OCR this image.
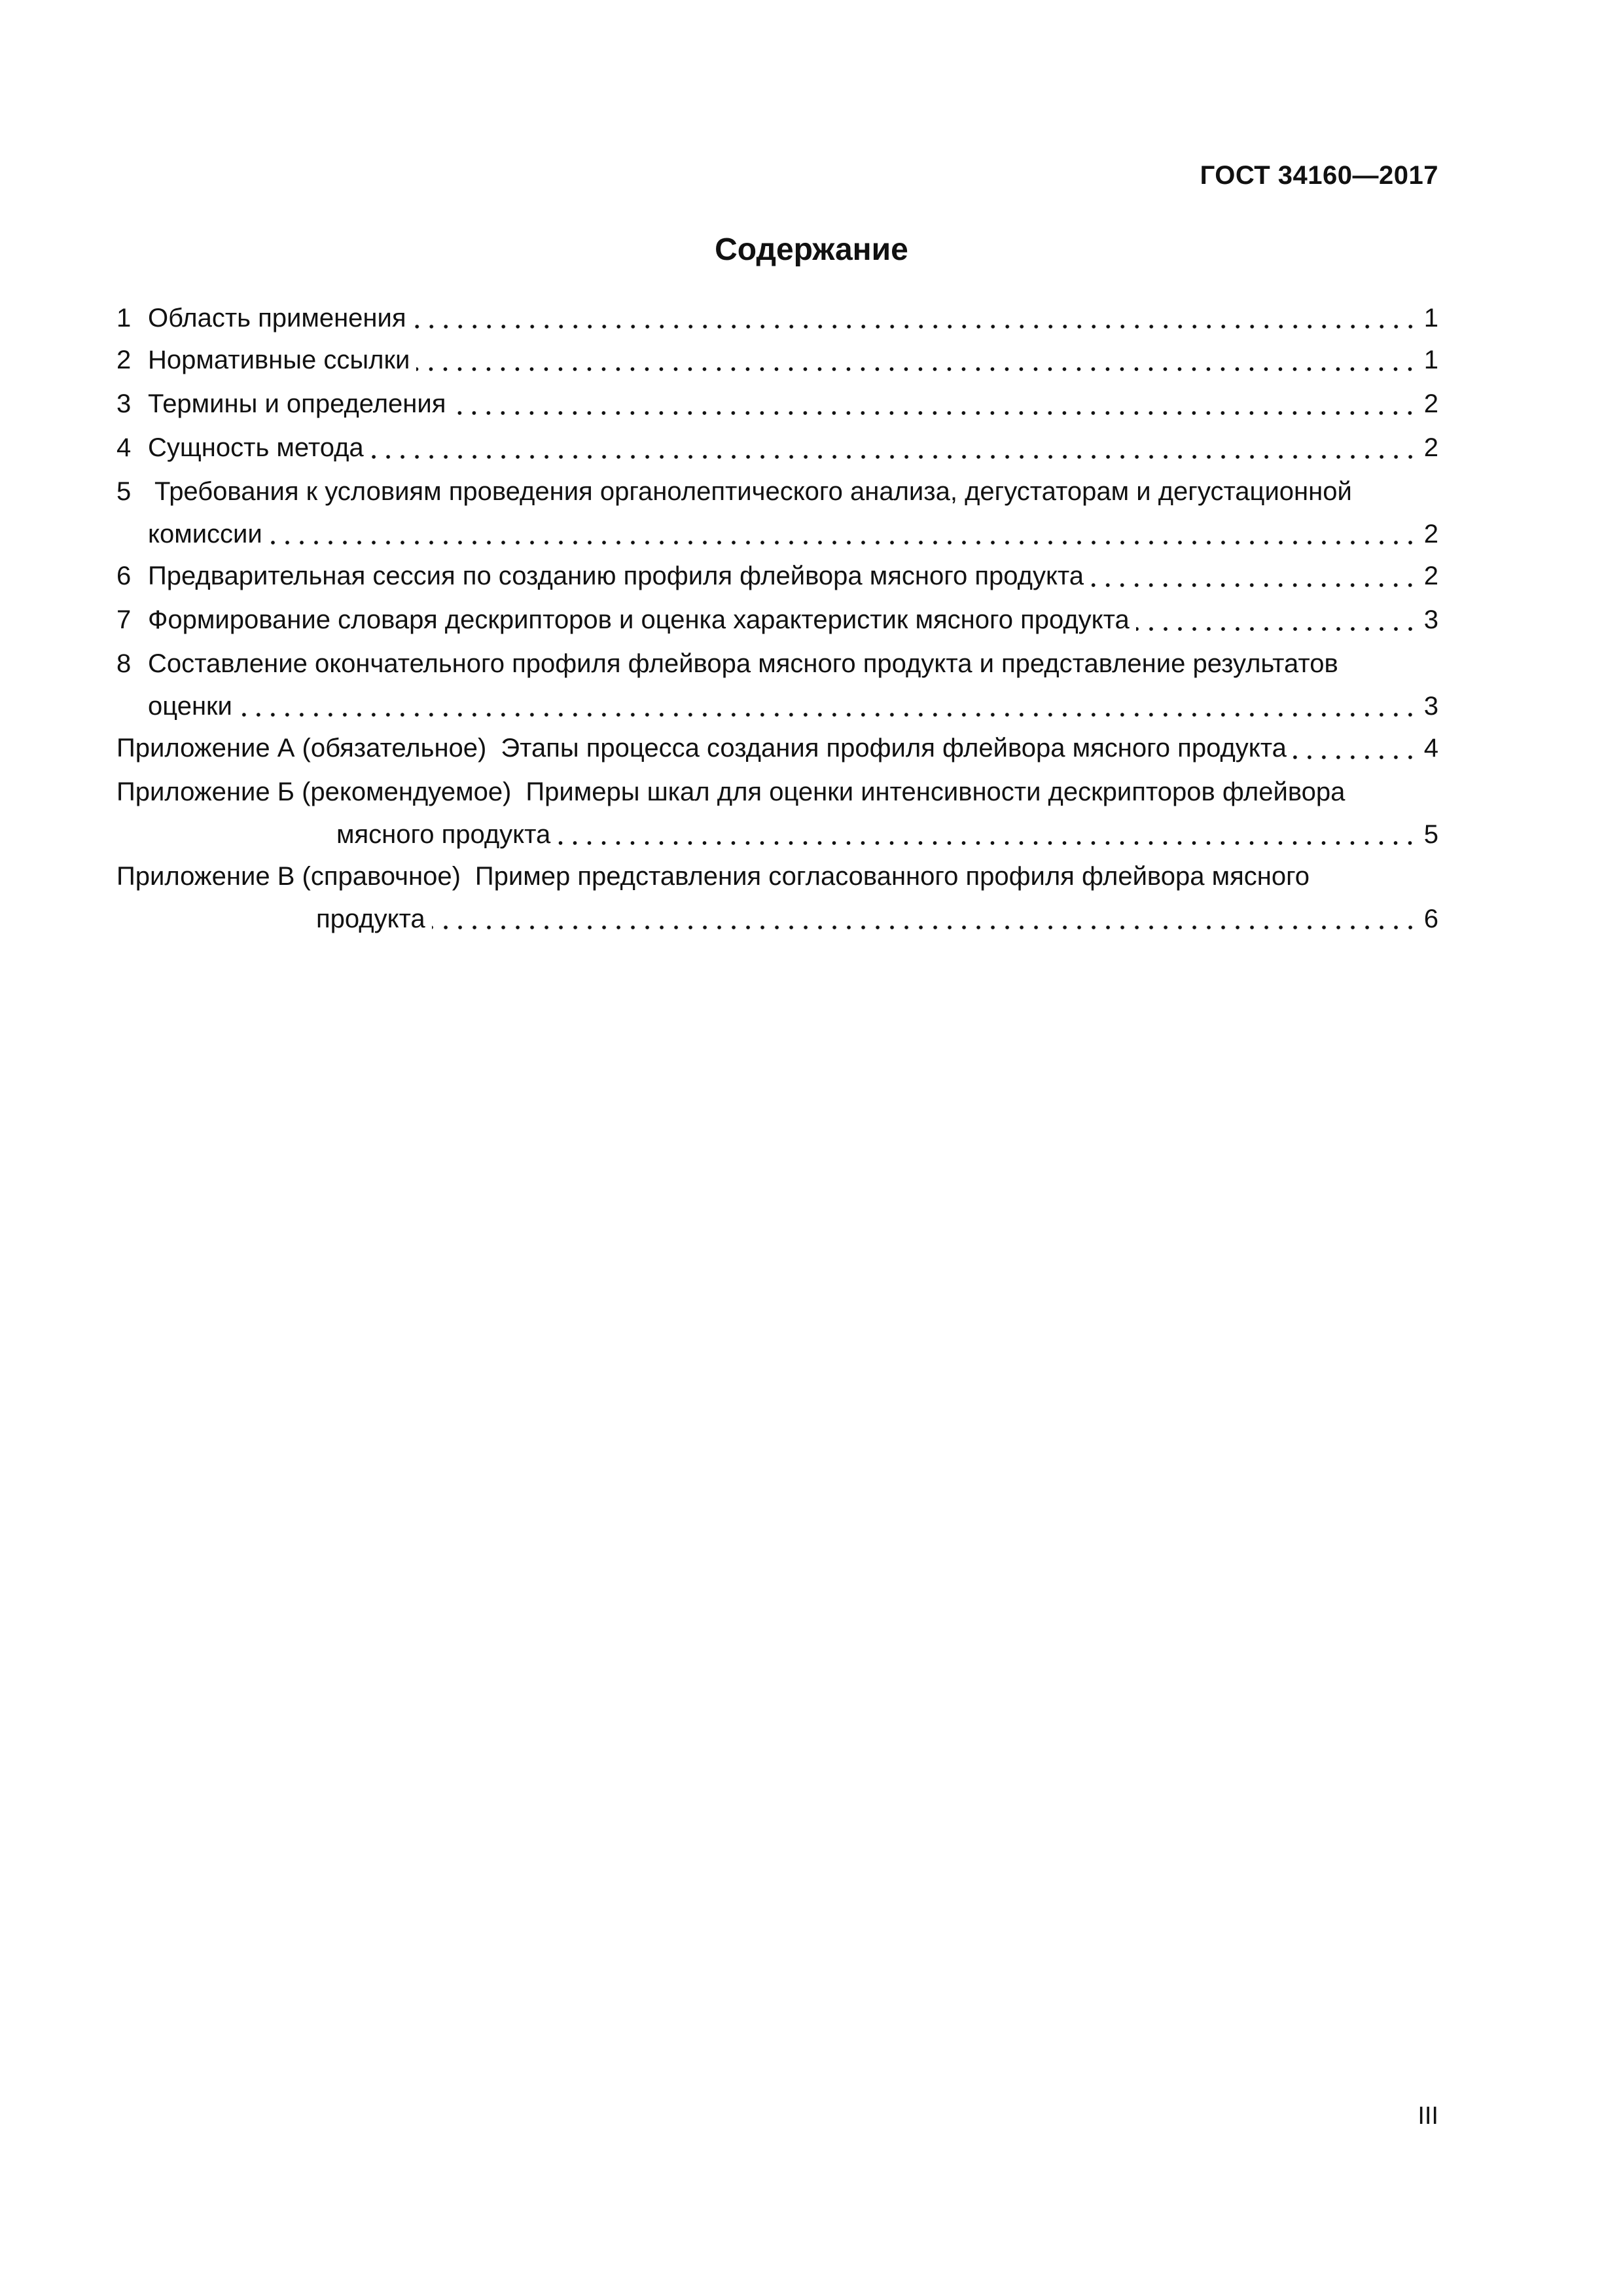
ГОСТ 34160—2017
Содержание
1 Область применения	1
2 Нормативные ссылки	1
3 Термины и определения	2
4 Сущность метода	2
5 Требования к условиям проведения органолептического анализа, дегустаторам и дегустационной
комиссии	2
6 Предварительная сессия по созданию профиля флейвора мясного продукта	2
7 Формирование словаря дескрипторов и оценка характеристик мясного продукта	3
8 Составление окончательного профиля флейвора мясного продукта и представление результатов
оценки	3
Приложение А (обязательное) Этапы процесса создания профиля флейвора мясного продукта	4
Приложение Б (рекомендуемое) Примеры шкал для оценки интенсивности дескрипторов флейвора
мясного продукта	5
Приложение В (справочное) Пример представления согласованного профиля флейвора мясного
продукта	6
III
